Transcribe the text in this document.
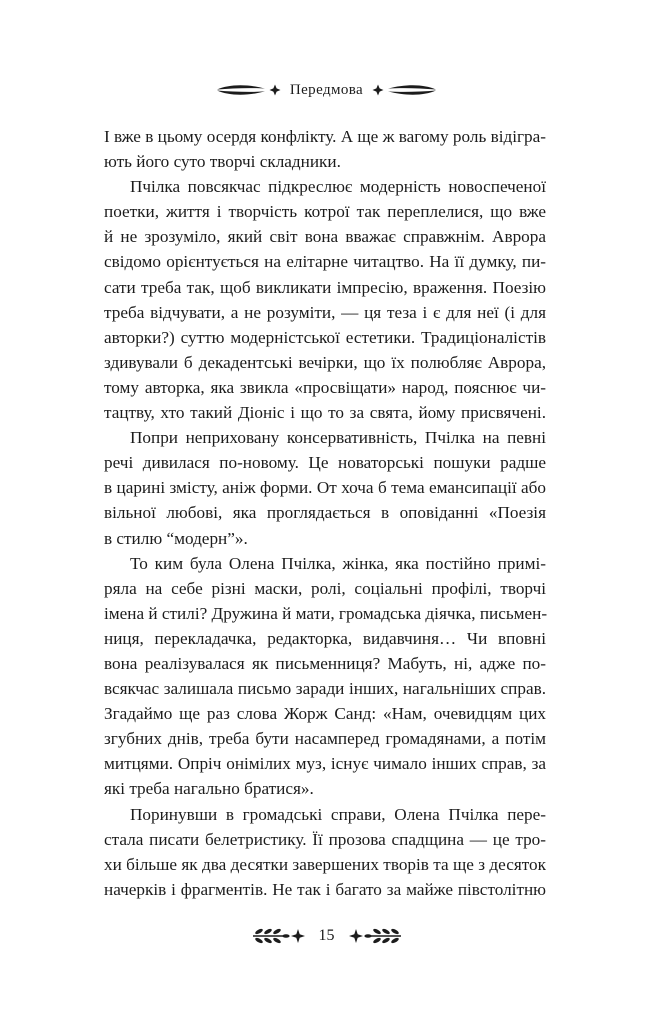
Передмова
І вже в цьому осердя конфлікту. А ще ж вагому роль відігра-
ють його суто творчі складники.
Пчілка повсякчас підкреслює модерність новоспеченої
поетки, життя і творчість котрої так переплелися, що вже
й не зрозуміло, який світ вона вважає справжнім. Аврора
свідомо орієнтується на елітарне читацтво. На її думку, пи-
сати треба так, щоб викликати імпресію, враження. Поезію
треба відчувати, а не розуміти, — ця теза і є для неї (і для
авторки?) суттю модерністської естетики. Традиціоналістів
здивували б декадентські вечірки, що їх полюбляє Аврора,
тому авторка, яка звикла «просвіщати» народ, пояснює чи-
тацтву, хто такий Діоніс і що то за свята, йому присвячені.
Попри неприховану консервативність, Пчілка на певні
речі дивилася по-новому. Це новаторські пошуки радше
в царині змісту, аніж форми. От хоча б тема емансипації або
вільної любові, яка проглядається в оповіданні «Поезія
в стилю “модерн”».
То ким була Олена Пчілка, жінка, яка постійно примі-
ряла на себе різні маски, ролі, соціальні профілі, творчі
імена й стилі? Дружина й мати, громадська діячка, письмен-
ниця, перекладачка, редакторка, видавчиня… Чи вповні
вона реалізувалася як письменниця? Мабуть, ні, адже по-
всякчас залишала письмо заради інших, нагальніших справ.
Згадаймо ще раз слова Жорж Санд: «Нам, очевидцям цих
згубних днів, треба бути насамперед громадянами, а потім
митцями. Опріч онімілих муз, існує чимало інших справ, за
які треба нагально братися».
Поринувши в громадські справи, Олена Пчілка пере-
стала писати белетристику. Її прозова спадщина — це тро-
хи більше як два десятки завершених творів та ще з десяток
начерків і фрагментів. Не так і багато за майже півстолітню
15
